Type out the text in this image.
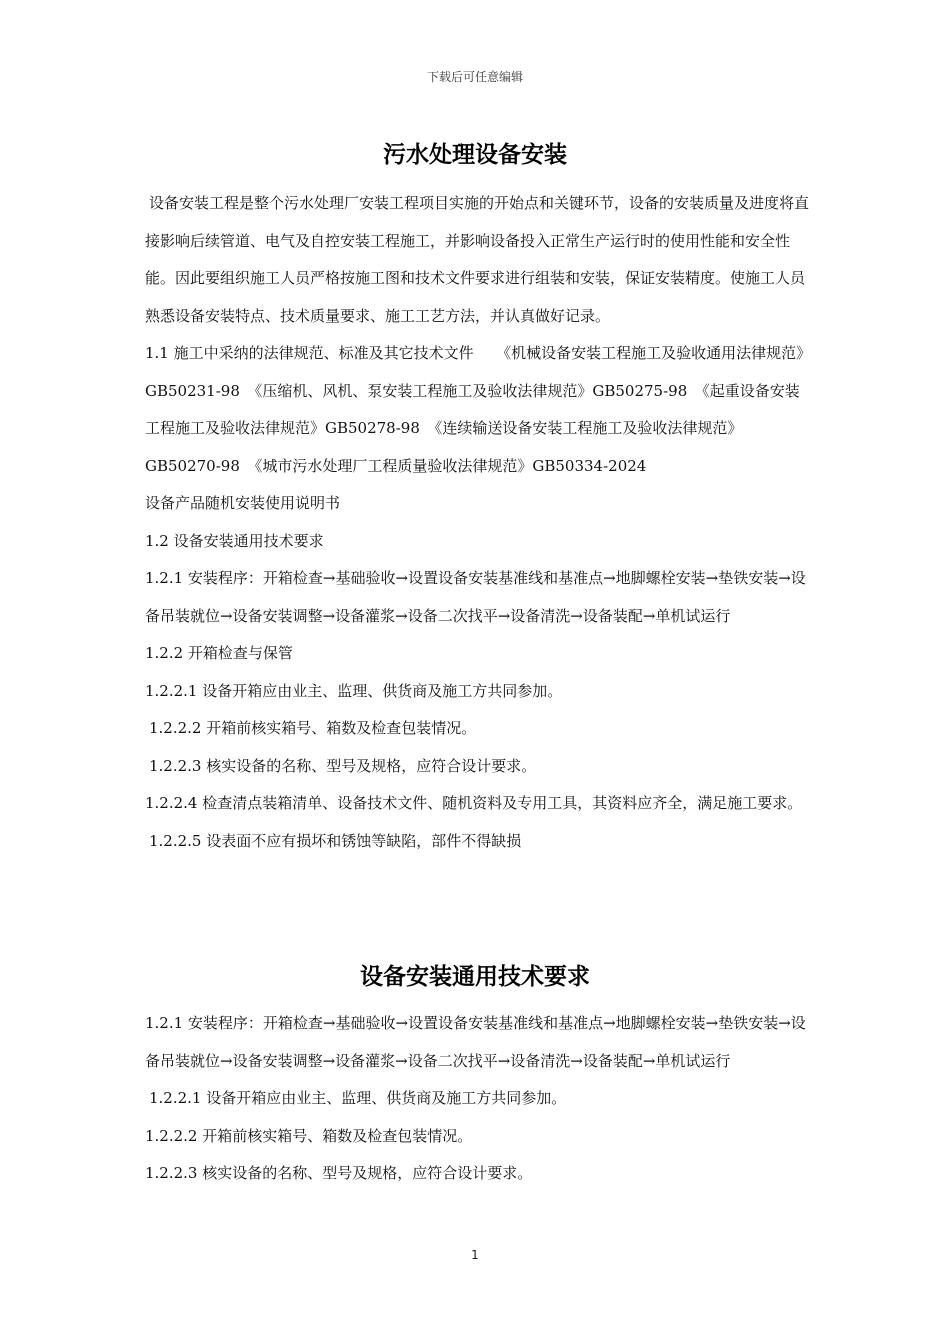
下载后可任意编辑
污水处理设备安装

设备安装工程是整个污水处理厂安装工程项目实施的开始点和关键环节，设备的安装质量及进度将直接影响后续管道、电气及自控安装工程施工，并影响设备投入正常生产运行时的使用性能和安全性能。因此要组织施工人员严格按施工图和技术文件要求进行组装和安装，保证安装精度。使施工人员熟悉设备安装特点、技术质量要求、施工工艺方法，并认真做好记录。

1.1 施工中采纳的法律规范、标准及其它技术文件　　《机械设备安装工程施工及验收通用法律规范》GB50231-98　《压缩机、风机、泵安装工程施工及验收法律规范》GB50275-98　《起重设备安装工程施工及验收法律规范》GB50278-98　《连续输送设备安装工程施工及验收法律规范》GB50270-98　《城市污水处理厂工程质量验收法律规范》GB50334-2024

设备产品随机安装使用说明书

1.2 设备安装通用技术要求

1.2.1 安装程序：开箱检查→基础验收→设置设备安装基准线和基准点→地脚螺栓安装→垫铁安装→设备吊装就位→设备安装调整→设备灌浆→设备二次找平→设备清洗→设备装配→单机试运行

1.2.2 开箱检查与保管

1.2.2.1 设备开箱应由业主、监理、供货商及施工方共同参加。

1.2.2.2 开箱前核实箱号、箱数及检查包装情况。

1.2.2.3 核实设备的名称、型号及规格，应符合设计要求。

1.2.2.4 检查清点装箱清单、设备技术文件、随机资料及专用工具，其资料应齐全，满足施工要求。

1.2.2.5 设表面不应有损坏和锈蚀等缺陷，部件不得缺损

设备安装通用技术要求

1.2.1 安装程序：开箱检查→基础验收→设置设备安装基准线和基准点→地脚螺栓安装→垫铁安装→设备吊装就位→设备安装调整→设备灌浆→设备二次找平→设备清洗→设备装配→单机试运行

1.2.2.1 设备开箱应由业主、监理、供货商及施工方共同参加。

1.2.2.2 开箱前核实箱号、箱数及检查包装情况。

1.2.2.3 核实设备的名称、型号及规格，应符合设计要求。

1
